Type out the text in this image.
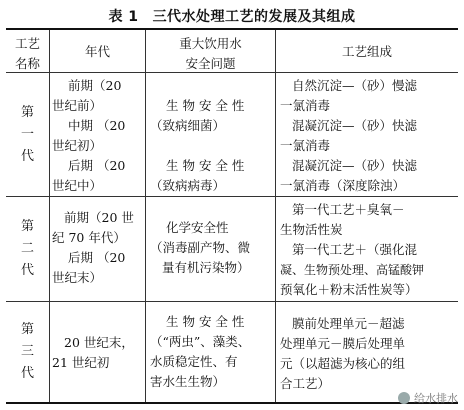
表 1 三代水处理工艺的发展及其组成
工艺
名称
年代
重大饮用水
安全问题
工艺组成
第
一
代
前期（20
世纪前）
中期 （20
世纪初）
后期 （20
世纪中）
生 物 安 全 性
（致病细菌）

生 物 安 全 性
（致病病毒）
自然沉淀—（砂）慢滤
一氯消毒
混凝沉淀—（砂）快滤
一氯消毒
混凝沉淀—（砂）快滤
一氯消毒（深度除浊）
第
二
代
前期（20 世
纪 70 年代）
后期 （20
世纪末）
化学安全性
（消毒副产物、微
量有机污染物）
第一代工艺＋臭氧－
生物活性炭
第一代工艺＋（强化混
凝、生物预处理、高锰酸钾
预氧化＋粉末活性炭等）
第
三
代
20 世纪末，
21 世纪初
生 物 安 全 性
（“两虫”、藻类、
水质稳定性、有
害水生生物）
膜前处理单元－超滤
处理单元－膜后处理单
元（以超滤为核心的组
合工艺）
给水排水
